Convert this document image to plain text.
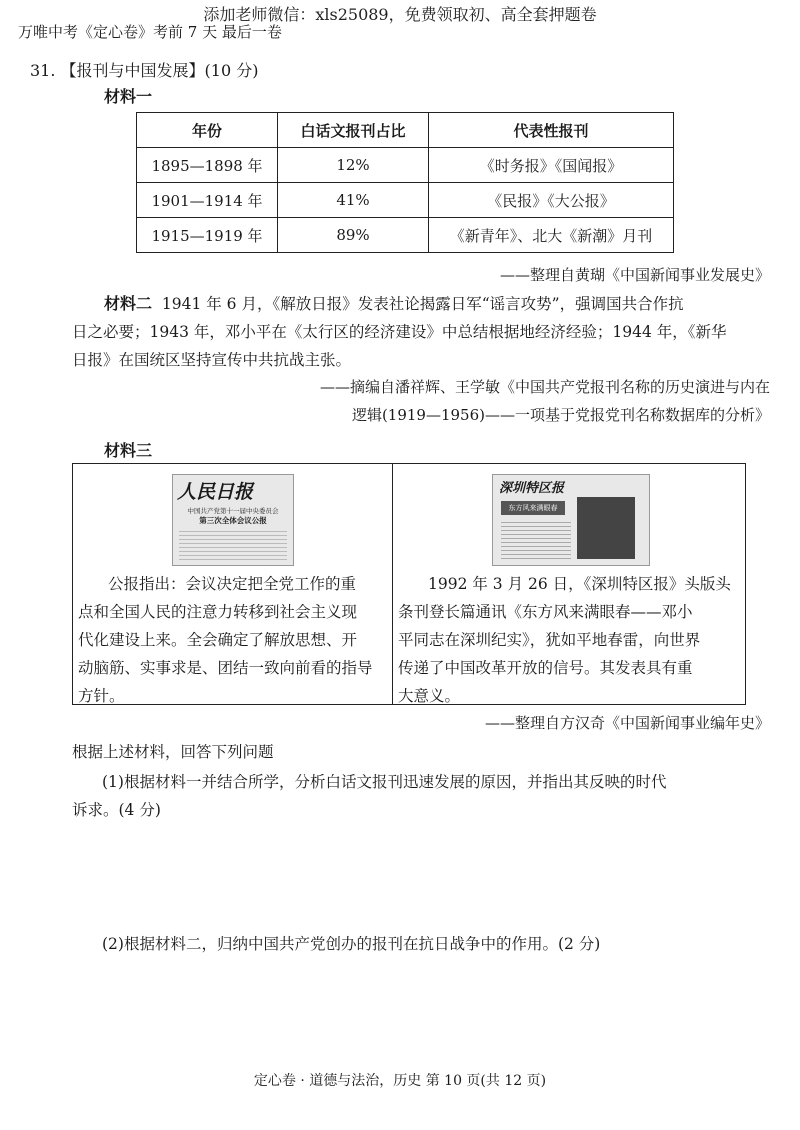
添加老师微信：xls25089，免费领取初、高全套押题卷
万唯中考《定心卷》考前 7 天 最后一卷
31. 【报刊与中国发展】(10 分)
材料一
年份	白话文报刊占比	代表性报刊
1895—1898 年	12%	《时务报》《国闻报》
1901—1914 年	41%	《民报》《大公报》
1915—1919 年	89%	《新青年》、北大《新潮》月刊
——整理自黄瑚《中国新闻事业发展史》
材料二 1941 年 6 月，《解放日报》发表社论揭露日军“谣言攻势”，强调国共合作抗
日之必要；1943 年，邓小平在《太行区的经济建设》中总结根据地经济经验；1944 年，《新华
日报》在国统区坚持宣传中共抗战主张。
——摘编自潘祥辉、王学敏《中国共产党报刊名称的历史演进与内在
逻辑(1919—1956)——一项基于党报党刊名称数据库的分析》
材料三
人民日报
中国共产党第十一届中央委员会
第三次全体会议公报
深圳特区报
东方风来满眼春
公报指出：会议决定把全党工作的重
点和全国人民的注意力转移到社会主义现
代化建设上来。全会确定了解放思想、开
动脑筋、实事求是、团结一致向前看的指导
方针。
1992 年 3 月 26 日，《深圳特区报》头版头
条刊登长篇通讯《东方风来满眼春——邓小
平同志在深圳纪实》，犹如平地春雷，向世界
传递了中国改革开放的信号。其发表具有重
大意义。
——整理自方汉奇《中国新闻事业编年史》
根据上述材料，回答下列问题
(1)根据材料一并结合所学，分析白话文报刊迅速发展的原因，并指出其反映的时代
诉求。(4 分)
(2)根据材料二，归纳中国共产党创办的报刊在抗日战争中的作用。(2 分)
定心卷 · 道德与法治，历史 第 10 页(共 12 页)
